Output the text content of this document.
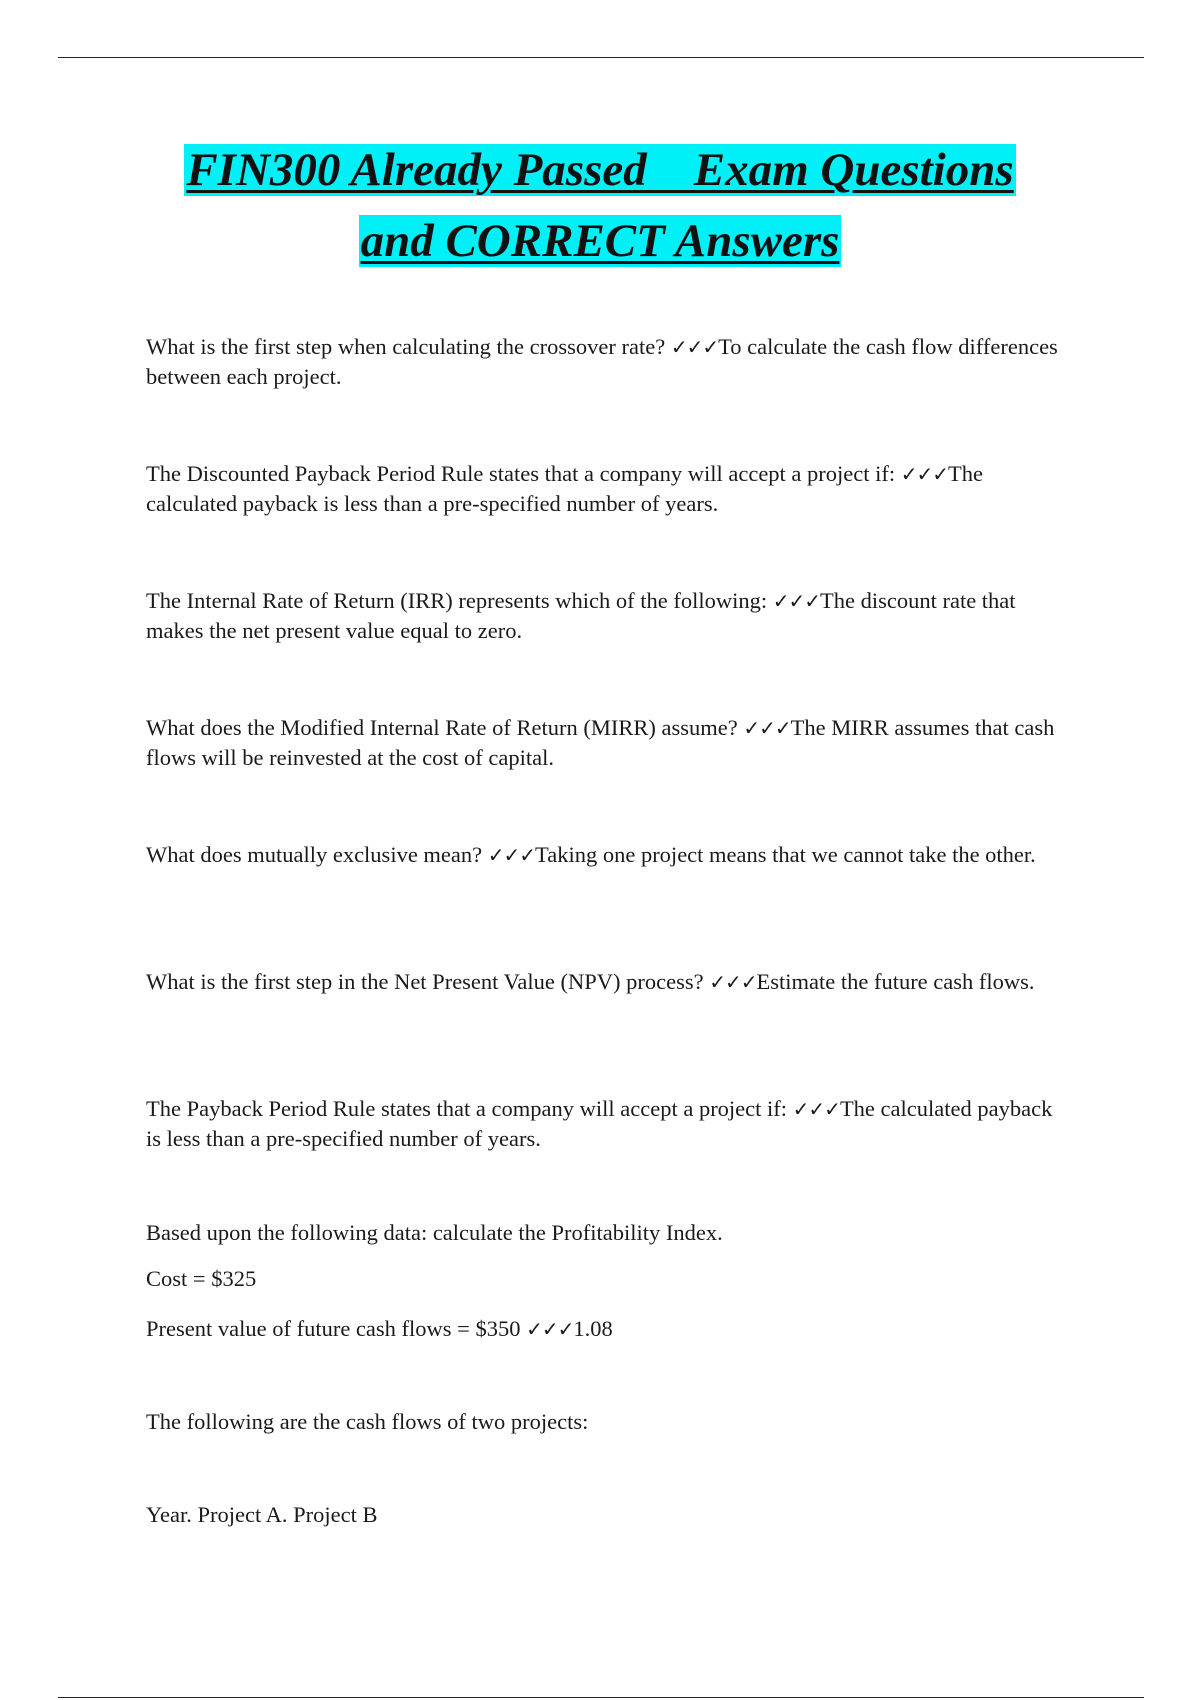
FIN300 Already Passed    Exam Questions
and CORRECT Answers
What is the first step when calculating the crossover rate? ✓✓✓To calculate the cash flow differences between each project.
The Discounted Payback Period Rule states that a company will accept a project if: ✓✓✓The calculated payback is less than a pre-specified number of years.
The Internal Rate of Return (IRR) represents which of the following: ✓✓✓The discount rate that makes the net present value equal to zero.
What does the Modified Internal Rate of Return (MIRR) assume? ✓✓✓The MIRR assumes that cash flows will be reinvested at the cost of capital.
What does mutually exclusive mean? ✓✓✓Taking one project means that we cannot take the other.
What is the first step in the Net Present Value (NPV) process? ✓✓✓Estimate the future cash flows.
The Payback Period Rule states that a company will accept a project if: ✓✓✓The calculated payback is less than a pre-specified number of years.
Based upon the following data: calculate the Profitability Index.
Cost = $325
Present value of future cash flows = $350 ✓✓✓1.08
The following are the cash flows of two projects:
Year. Project A. Project B
